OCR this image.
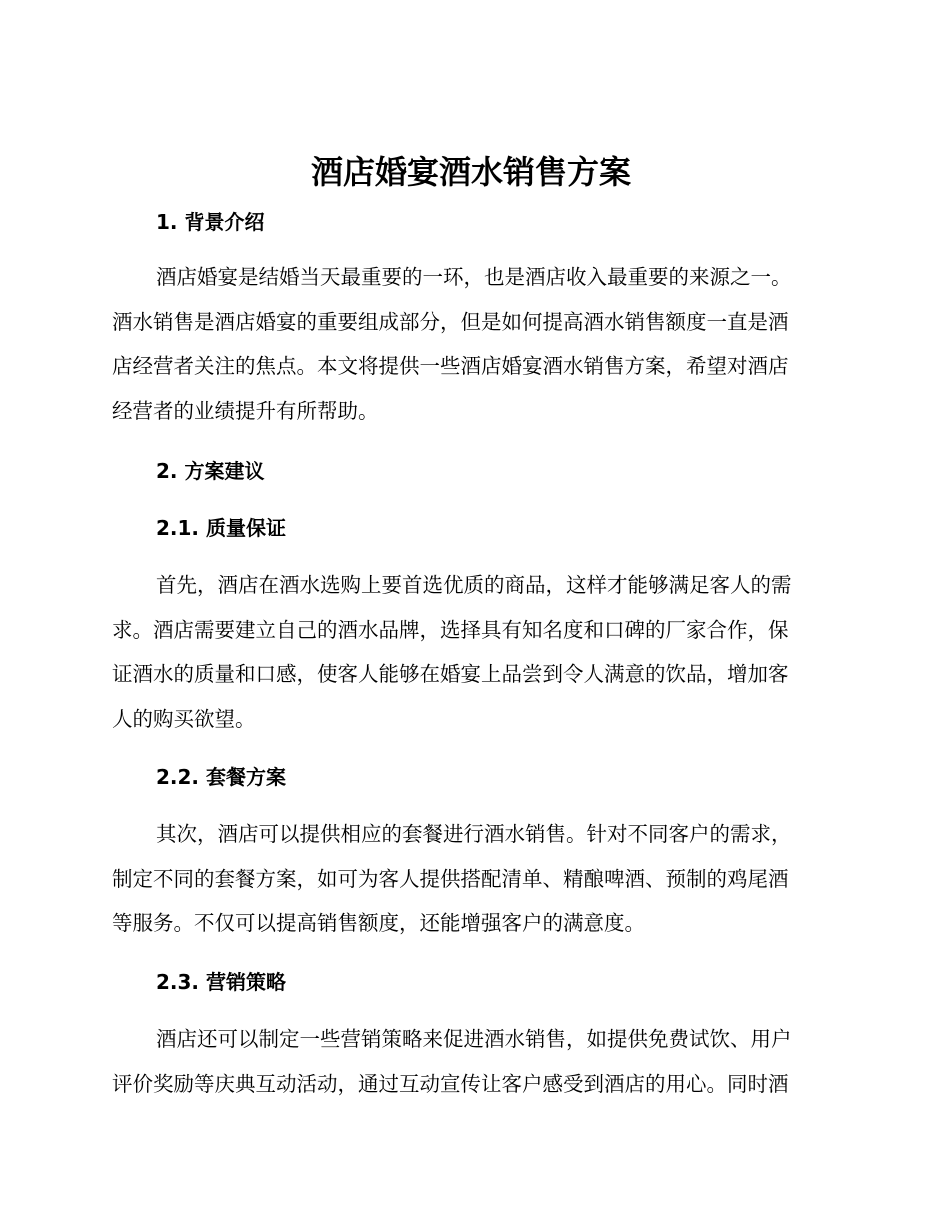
酒店婚宴酒水销售方案
1. 背景介绍
酒店婚宴是结婚当天最重要的一环，也是酒店收入最重要的来源之一。
酒水销售是酒店婚宴的重要组成部分，但是如何提高酒水销售额度一直是酒
店经营者关注的焦点。本文将提供一些酒店婚宴酒水销售方案，希望对酒店
经营者的业绩提升有所帮助。
2. 方案建议
2.1. 质量保证
首先，酒店在酒水选购上要首选优质的商品，这样才能够满足客人的需
求。酒店需要建立自己的酒水品牌，选择具有知名度和口碑的厂家合作，保
证酒水的质量和口感，使客人能够在婚宴上品尝到令人满意的饮品，增加客
人的购买欲望。
2.2. 套餐方案
其次，酒店可以提供相应的套餐进行酒水销售。针对不同客户的需求，
制定不同的套餐方案，如可为客人提供搭配清单、精酿啤酒、预制的鸡尾酒
等服务。不仅可以提高销售额度，还能增强客户的满意度。
2.3. 营销策略
酒店还可以制定一些营销策略来促进酒水销售，如提供免费试饮、用户
评价奖励等庆典互动活动，通过互动宣传让客户感受到酒店的用心。同时酒
